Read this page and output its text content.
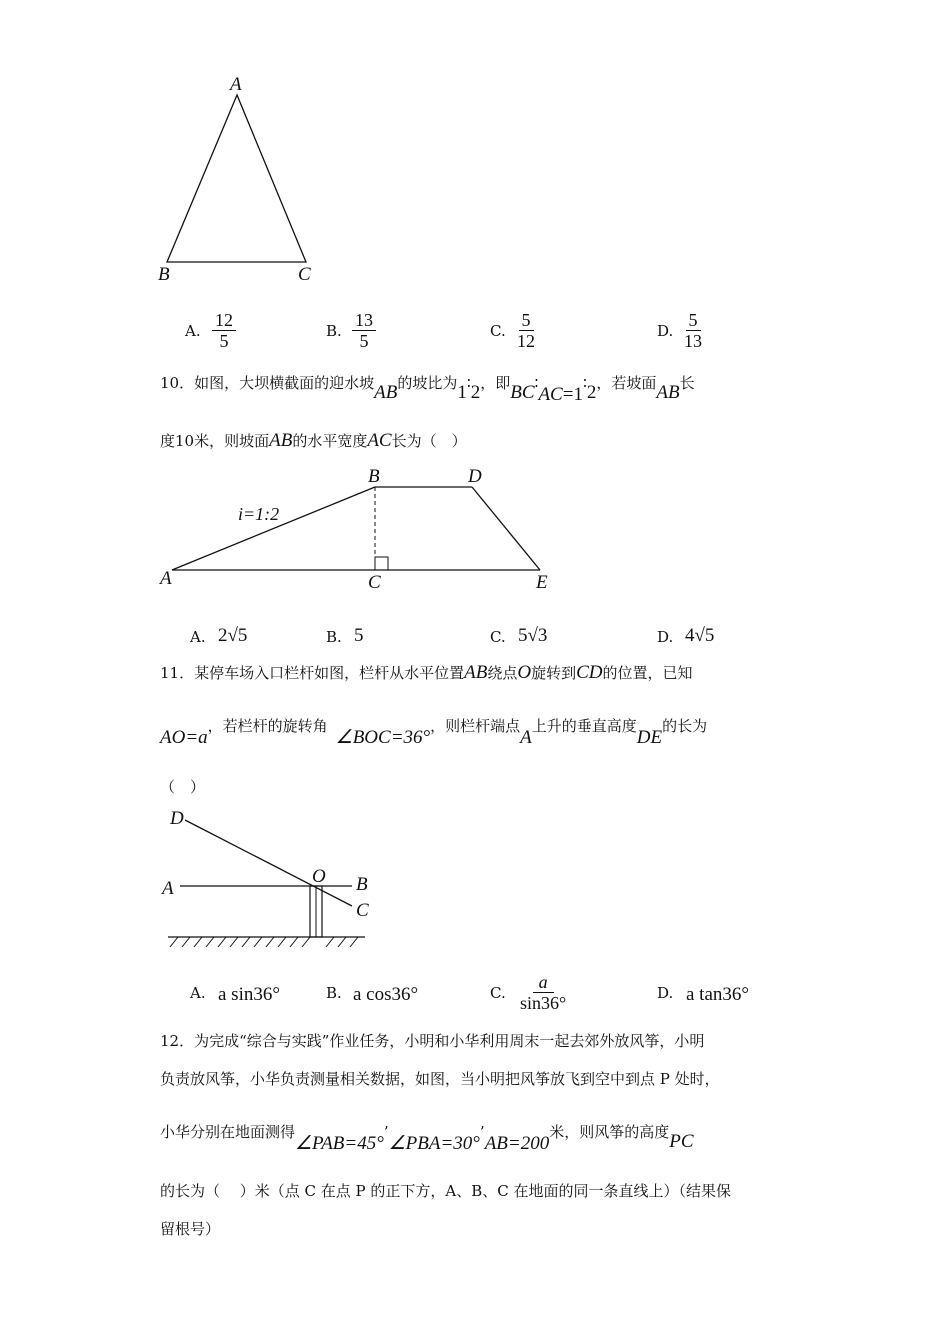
A
B	C
A
B
C
D
E
i=1:2
D
A
O B
C
A. $\frac{12}{5}$	B. $\frac{13}{5}$	C. $\frac{5}{12}$	D. $\frac{5}{13}$
10．如图，大坝横截面的迎水坡AB的坡比为1∶2，即BC∶AC=1∶2，若坡面AB长
度10米，则坡面AB的水平宽度AC长为（　）
A. 2√5	B. 5	C. 5√3	D. 4√5
11．某停车场入口栏杆如图，栏杆从水平位置AB绕点O旋转到CD的位置，已知
AO=a，若栏杆的旋转角∠BOC=36°，则栏杆端点A上升的垂直高度DE的长为
（　）
A. a sin36°	B. a cos36°	C. $\frac{a}{\sin 36^\circ}$	D. a tan36°
12．为完成“综合与实践”作业任务，小明和小华利用周末一起去郊外放风筝，小明
负责放风筝，小华负责测量相关数据，如图，当小明把风筝放飞到空中到点 P 处时，
小华分别在地面测得∠PAB=45°’∠PBA=30°’AB=200米，则风筝的高度PC
的长为（　 ）米（点 C 在点 P 的正下方，A、B、C 在地面的同一条直线上）（结果保
留根号）
